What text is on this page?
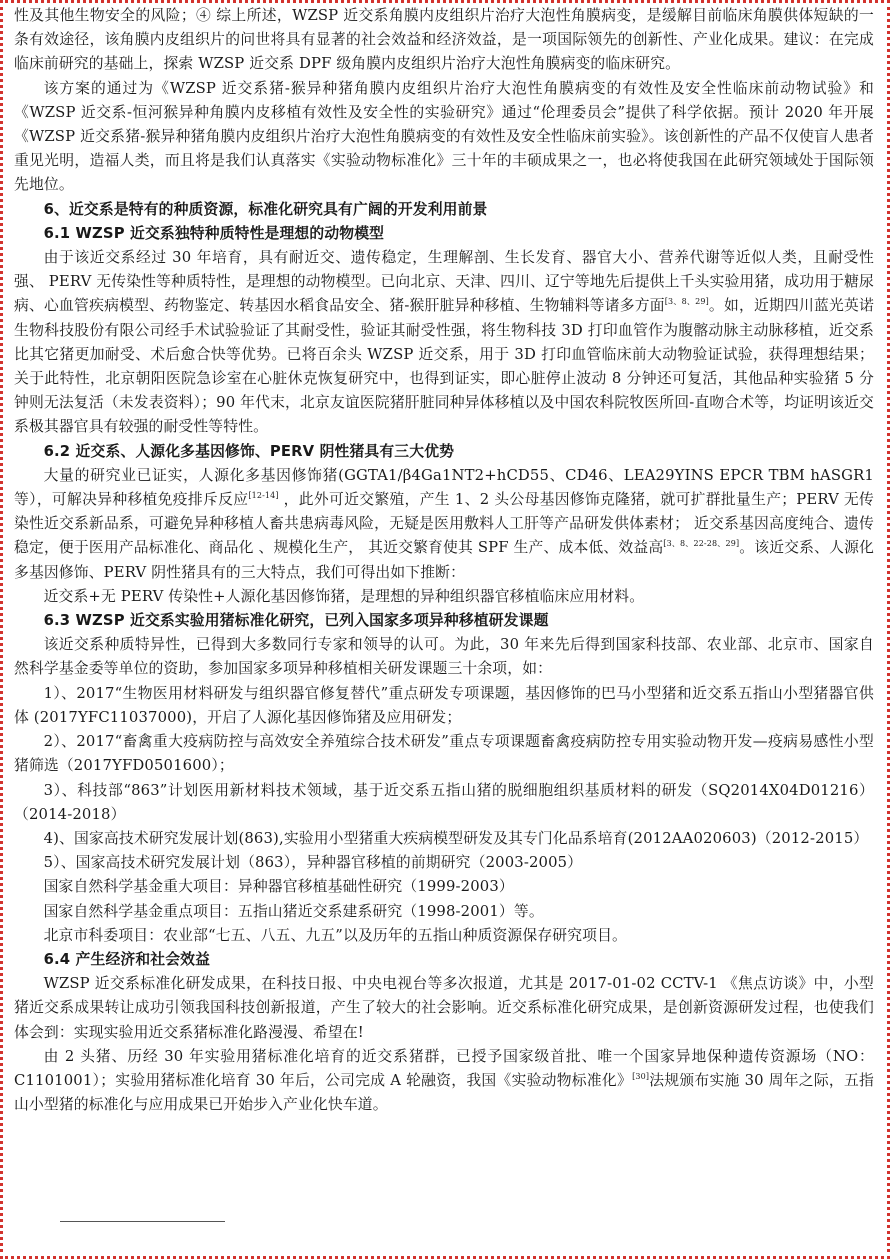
性及其他生物安全的风险；④ 综上所述，WZSP 近交系角膜内皮组织片治疗大泡性角膜病变，是缓解目前临床角膜供体短缺的一条有效途径，该角膜内皮组织片的问世将具有显著的社会效益和经济效益，是一项国际领先的创新性、产业化成果。建议：在完成临床前研究的基础上，探索 WZSP 近交系 DPF 级角膜内皮组织片治疗大泡性角膜病变的临床研究。

该方案的通过为《WZSP 近交系猪-猴异种猪角膜内皮组织片治疗大泡性角膜病变的有效性及安全性临床前动物试验》和《WZSP 近交系-恒河猴异种角膜内皮移植有效性及安全性的实验研究》通过“伦理委员会”提供了科学依据。预计 2020 年开展《WZSP 近交系猪-猴异种猪角膜内皮组织片治疗大泡性角膜病变的有效性及安全性临床前实验》。该创新性的产品不仅使盲人患者重见光明，造福人类，而且将是我们认真落实《实验动物标准化》三十年的丰硕成果之一，也必将使我国在此研究领域处于国际领先地位。

6、近交系是特有的种质资源，标准化研究具有广阔的开发利用前景

6.1 WZSP 近交系独特种质特性是理想的动物模型

由于该近交系经过 30 年培育，具有耐近交、遗传稳定，生理解剖、生长发育、器官大小、营养代谢等近似人类，且耐受性强、 PERV 无传染性等种质特性，是理想的动物模型。已向北京、天津、四川、辽宁等地先后提供上千头实验用猪，成功用于糖尿病、心血管疾病模型、药物鉴定、转基因水稻食品安全、猪-猴肝脏异种移植、生物辅料等诸多方面[3、8、29]。如，近期四川蓝光英诺生物科技股份有限公司经手术试验验证了其耐受性，验证其耐受性强，将生物科技 3D 打印血管作为腹髂动脉主动脉移植，近交系比其它猪更加耐受、术后愈合快等优势。已将百余头 WZSP 近交系，用于 3D 打印血管临床前大动物验证试验，获得理想结果；关于此特性，北京朝阳医院急诊室在心脏休克恢复研究中，也得到证实，即心脏停止波动 8 分钟还可复活，其他品种实验猪 5 分钟则无法复活（未发表资料）；90 年代末，北京友谊医院猪肝脏同种异体移植以及中国农科院牧医所回-直吻合术等，均证明该近交系极其器官具有较强的耐受性等特性。

6.2 近交系、人源化多基因修饰、PERV 阴性猪具有三大优势

大量的研究业已证实，人源化多基因修饰猪(GGTA1/β4Ga1NT2+hCD55、CD46、LEA29YINS EPCR TBM hASGR1 等），可解决异种移植免疫排斥反应[12-14] ，此外可近交繁殖，产生 1、2 头公母基因修饰克隆猪，就可扩群批量生产；PERV 无传染性近交系新品系，可避免异种移植人畜共患病毒风险，无疑是医用敷料人工肝等产品研发供体素材； 近交系基因高度纯合、遗传稳定，便于医用产品标准化、商品化 、规模化生产， 其近交繁育使其 SPF 生产、成本低、效益高[3、8、22-28、29]。该近交系、人源化多基因修饰、PERV 阴性猪具有的三大特点，我们可得出如下推断：

近交系+无 PERV 传染性+人源化基因修饰猪，是理想的异种组织器官移植临床应用材料。

6.3 WZSP 近交系实验用猪标准化研究，已列入国家多项异种移植研发课题

该近交系种质特异性，已得到大多数同行专家和领导的认可。为此，30 年来先后得到国家科技部、农业部、北京市、国家自然科学基金委等单位的资助，参加国家多项异种移植相关研发课题三十余项，如：

1）、2017“生物医用材料研发与组织器官修复替代”重点研发专项课题，基因修饰的巴马小型猪和近交系五指山小型猪器官供体 (2017YFC11037000)，开启了人源化基因修饰猪及应用研发；

2）、2017“畜禽重大疫病防控与高效安全养殖综合技术研发”重点专项课题畜禽疫病防控专用实验动物开发—疫病易感性小型猪筛选（2017YFD0501600）；

3）、科技部“863”计划医用新材料技术领域，基于近交系五指山猪的脱细胞组织基质材料的研发（SQ2014X04D01216）（2014-2018）

4)、国家高技术研究发展计划(863),实验用小型猪重大疾病模型研发及其专门化品系培育(2012AA020603)（2012-2015）

5）、国家高技术研究发展计划（863），异种器官移植的前期研究（2003-2005）

国家自然科学基金重大项目：异种器官移植基础性研究（1999-2003）

国家自然科学基金重点项目：五指山猪近交系建系研究（1998-2001）等。

北京市科委项目：农业部“七五、八五、九五”以及历年的五指山种质资源保存研究项目。

6.4 产生经济和社会效益

WZSP 近交系标准化研发成果，在科技日报、中央电视台等多次报道，尤其是 2017-01-02 CCTV-1 《焦点访谈》中，小型猪近交系成果转让成功引领我国科技创新报道，产生了较大的社会影响。近交系标准化研究成果，是创新资源研发过程，也使我们体会到：实现实验用近交系猪标准化路漫漫、希望在!

由 2 头猪、历经 30 年实验用猪标准化培育的近交系猪群，已授予国家级首批、唯一个国家异地保种遗传资源场（NO：C1101001）；实验用猪标准化培育 30 年后，公司完成 A 轮融资，我国《实验动物标准化》[30]法规颁布实施 30 周年之际，五指山小型猪的标准化与应用成果已开始步入产业化快车道。
